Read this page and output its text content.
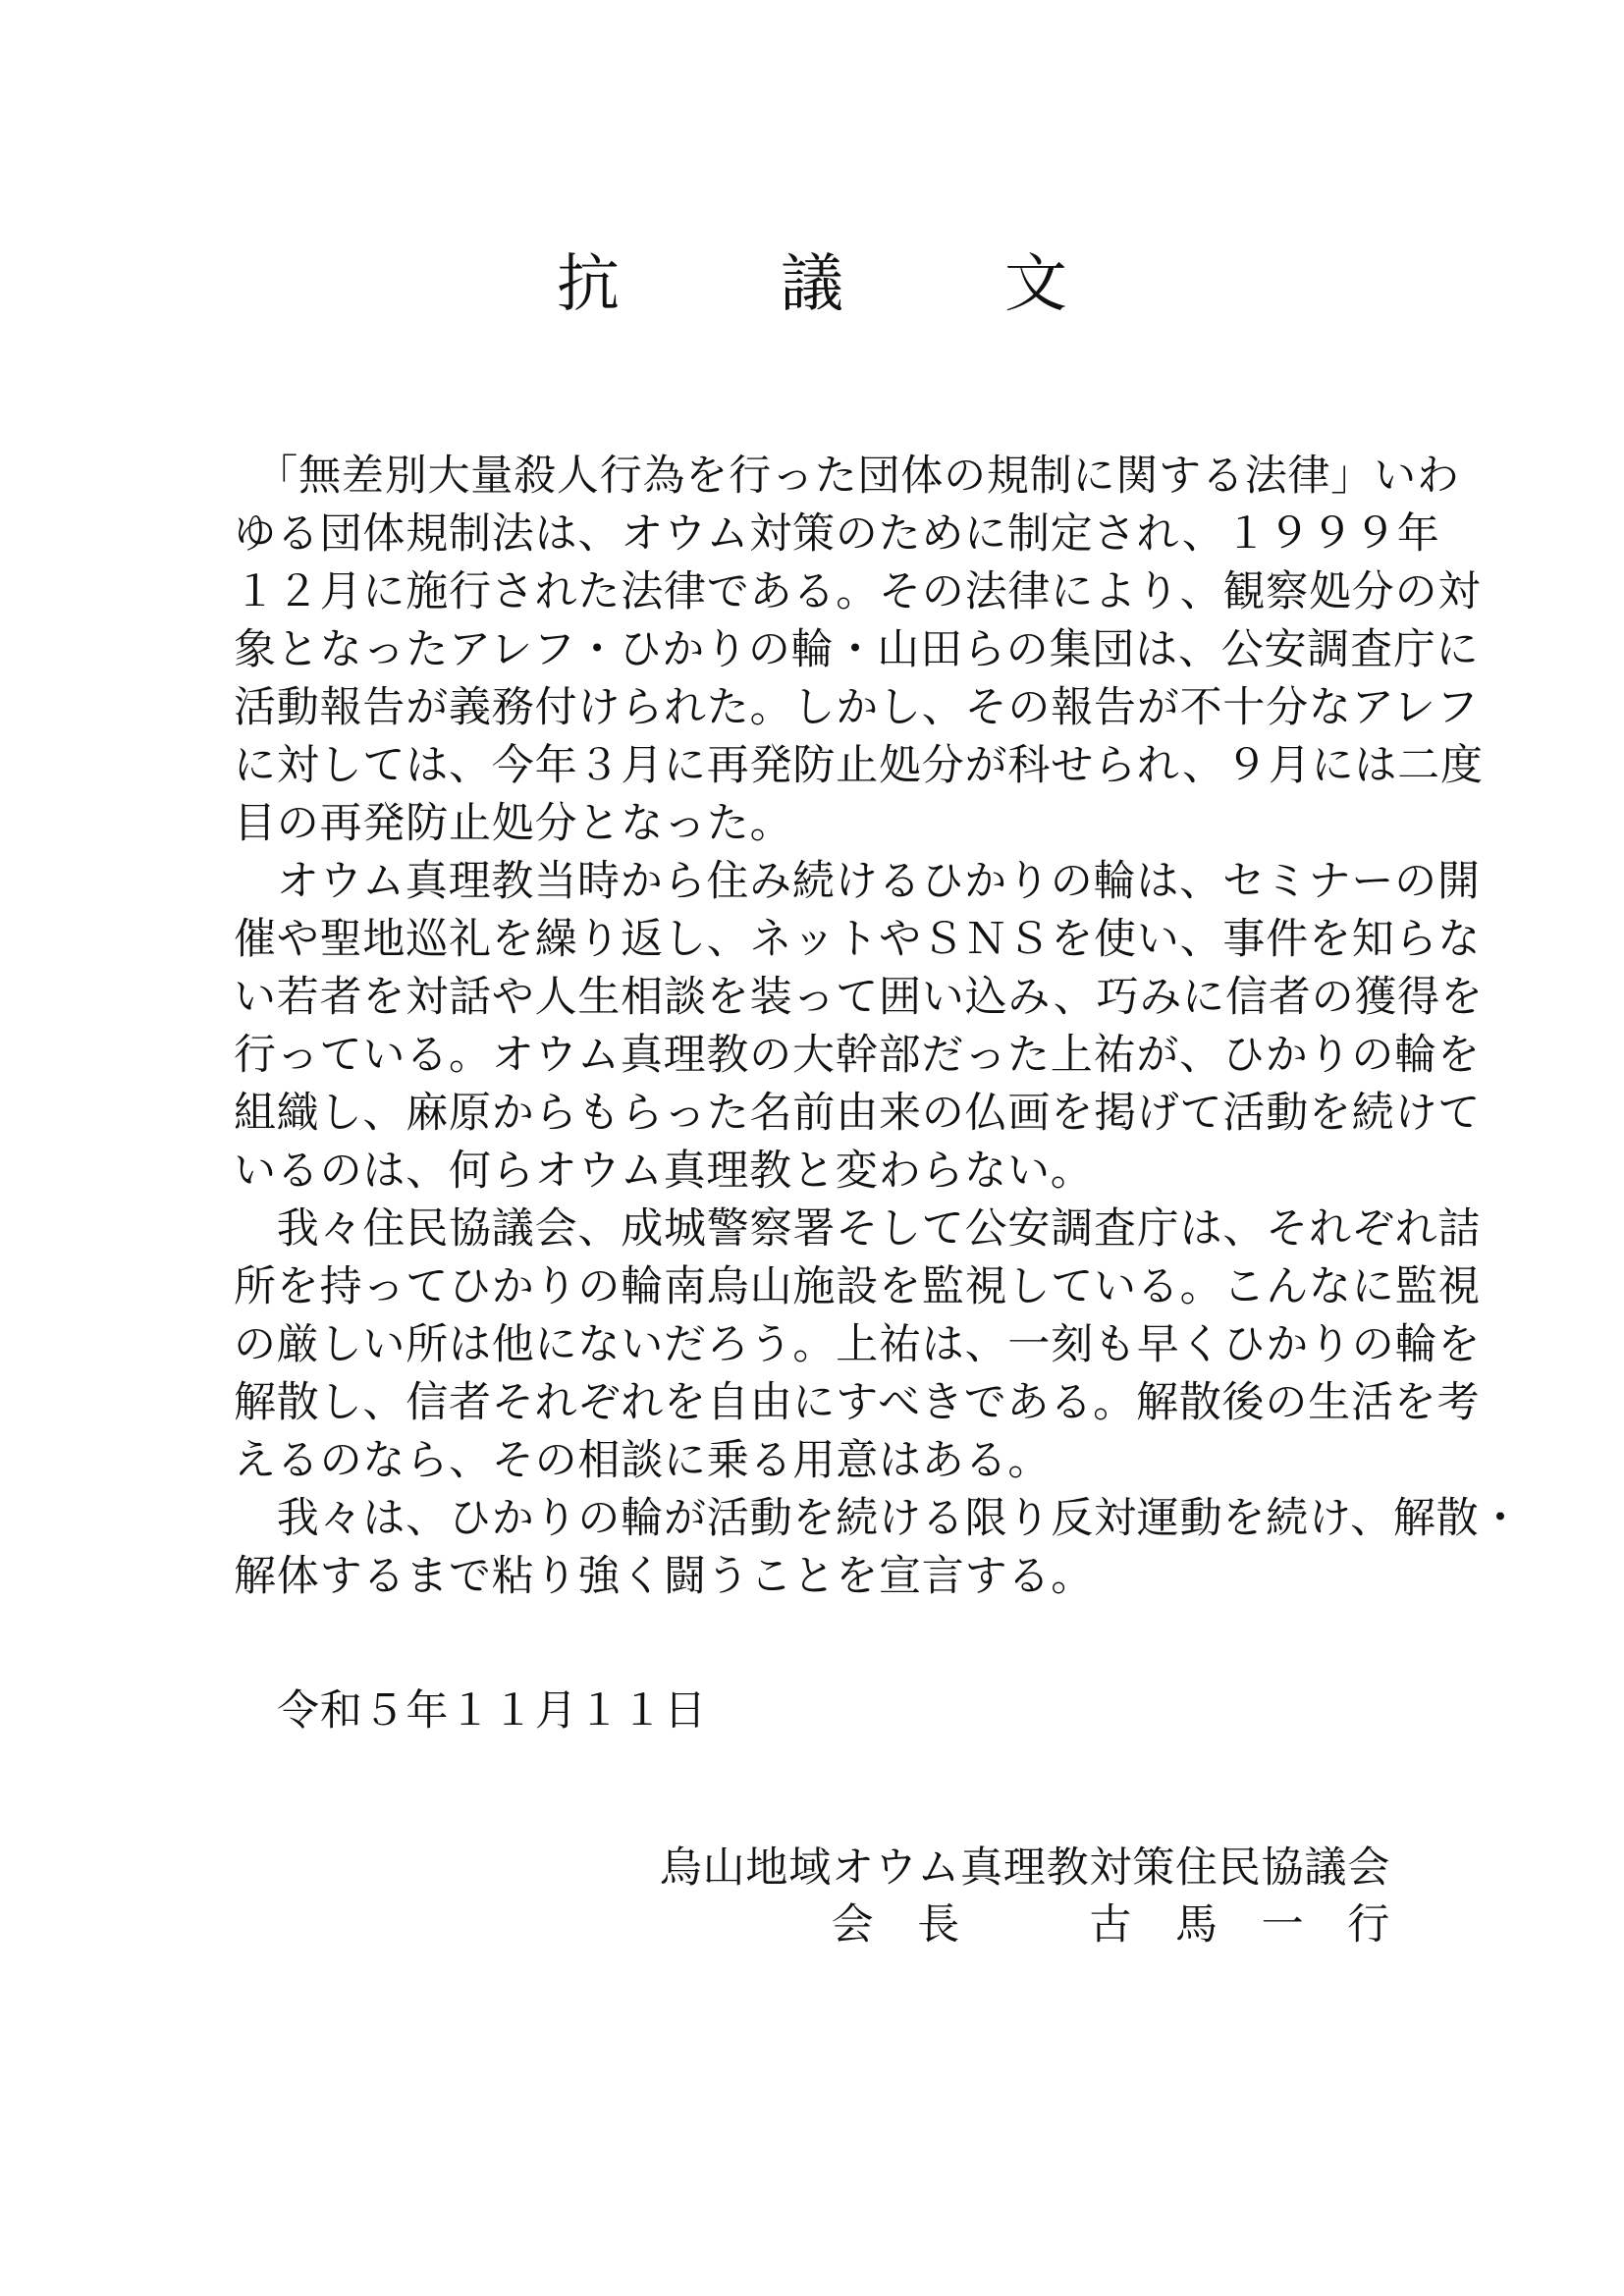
抗　議　文
　「無差別大量殺人行為を行った団体の規制に関する法律」いわ
ゆる団体規制法は、オウム対策のために制定され、１９９９年
１２月に施行された法律である。その法律により、観察処分の対
象となったアレフ・ひかりの輪・山田らの集団は、公安調査庁に
活動報告が義務付けられた。しかし、その報告が不十分なアレフ
に対しては、今年３月に再発防止処分が科せられ、９月には二度
目の再発防止処分となった。
　オウム真理教当時から住み続けるひかりの輪は、セミナーの開
催や聖地巡礼を繰り返し、ネットやＳＮＳを使い、事件を知らな
い若者を対話や人生相談を装って囲い込み、巧みに信者の獲得を
行っている。オウム真理教の大幹部だった上祐が、ひかりの輪を
組織し、麻原からもらった名前由来の仏画を掲げて活動を続けて
いるのは、何らオウム真理教と変わらない。
　我々住民協議会、成城警察署そして公安調査庁は、それぞれ詰
所を持ってひかりの輪南烏山施設を監視している。こんなに監視
の厳しい所は他にないだろう。上祐は、一刻も早くひかりの輪を
解散し、信者それぞれを自由にすべきである。解散後の生活を考
えるのなら、その相談に乗る用意はある。
　我々は、ひかりの輪が活動を続ける限り反対運動を続け、解散・
解体するまで粘り強く闘うことを宣言する。
令和５年１１月１１日
烏山地域オウム真理教対策住民協議会
会　長　　　古　馬　一　行
